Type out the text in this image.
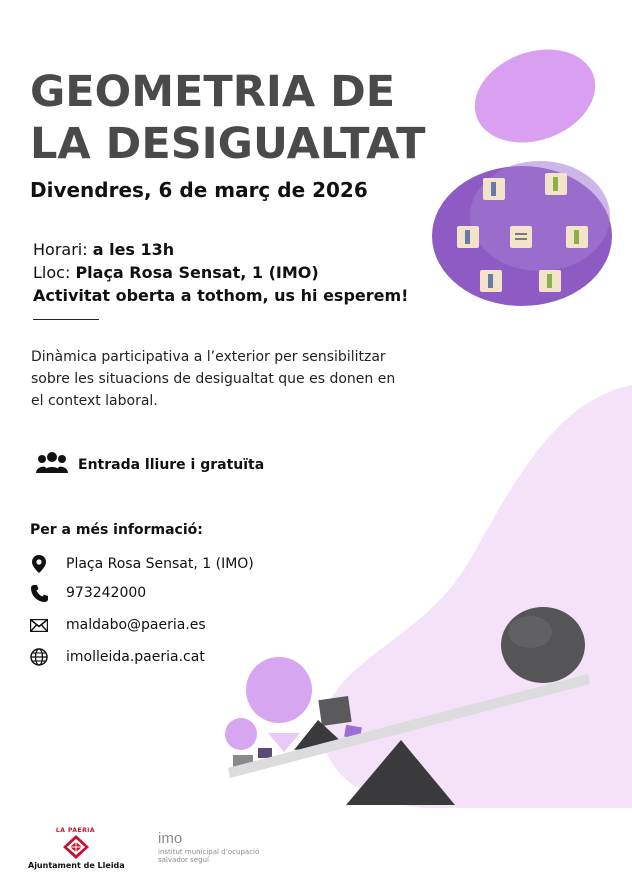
GEOMETRIA DE
LA DESIGUALTAT
Divendres, 6 de març de 2026
Horari: a les 13h
Lloc: Plaça Rosa Sensat, 1 (IMO)
Activitat oberta a tothom, us hi esperem!
Dinàmica participativa a l’exterior per sensibilitzar sobre les situacions de desigualtat que es donen en el context laboral.
Entrada lliure i gratuïta
Per a més informació:
Plaça Rosa Sensat, 1 (IMO)
973242000
maldabo@paeria.es
imolleida.paeria.cat
LA PAERIA
Ajuntament de Lleida
imo
institut municipal d’ocupació
salvador seguí
